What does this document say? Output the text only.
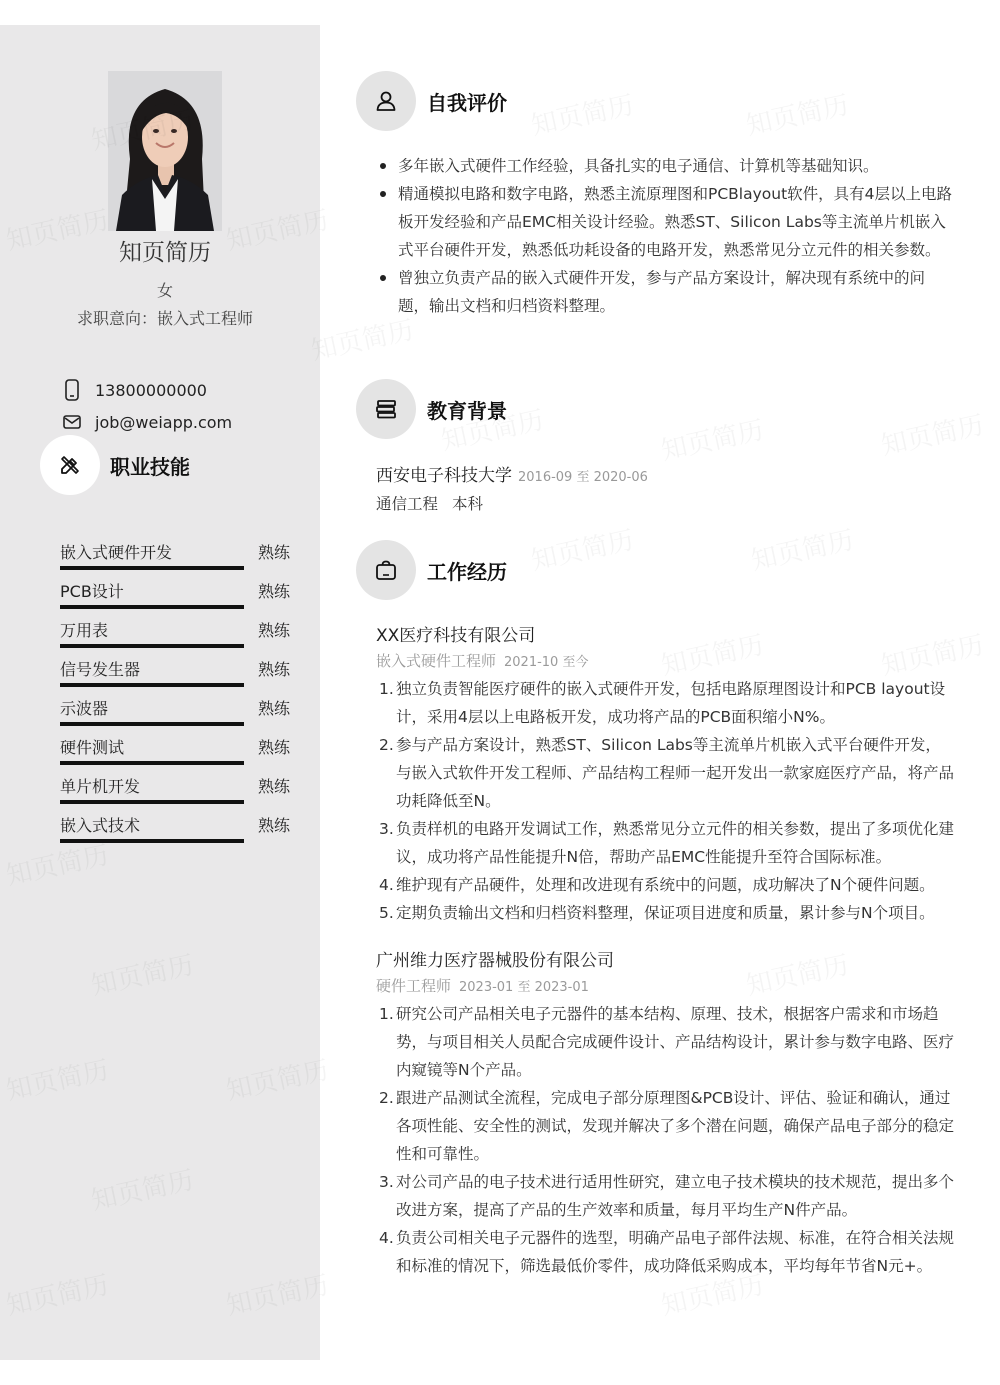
知页简历
女
求职意向：嵌入式工程师
13800000000
job@weiapp.com
职业技能
嵌入式硬件开发	熟练
PCB设计	熟练
万用表	熟练
信号发生器	熟练
示波器	熟练
硬件测试	熟练
单片机开发	熟练
嵌入式技术	熟练
自我评价
多年嵌入式硬件工作经验，具备扎实的电子通信、计算机等基础知识。
精通模拟电路和数字电路，熟悉主流原理图和PCBlayout软件，具有4层以上电路板开发经验和产品EMC相关设计经验。熟悉ST、Silicon Labs等主流单片机嵌入式平台硬件开发，熟悉低功耗设备的电路开发，熟悉常见分立元件的相关参数。
曾独立负责产品的嵌入式硬件开发，参与产品方案设计，解决现有系统中的问题，输出文档和归档资料整理。
教育背景
西安电子科技大学 2016-09 至 2020-06
通信工程 本科
工作经历
XX医疗科技有限公司
嵌入式硬件工程师 2021-10 至今
1. 独立负责智能医疗硬件的嵌入式硬件开发，包括电路原理图设计和PCB layout设计，采用4层以上电路板开发，成功将产品的PCB面积缩小N%。
2. 参与产品方案设计，熟悉ST、Silicon Labs等主流单片机嵌入式平台硬件开发，与嵌入式软件开发工程师、产品结构工程师一起开发出一款家庭医疗产品，将产品功耗降低至N。
3. 负责样机的电路开发调试工作，熟悉常见分立元件的相关参数，提出了多项优化建议，成功将产品性能提升N倍，帮助产品EMC性能提升至符合国际标准。
4. 维护现有产品硬件，处理和改进现有系统中的问题，成功解决了N个硬件问题。
5. 定期负责输出文档和归档资料整理，保证项目进度和质量，累计参与N个项目。
广州维力医疗器械股份有限公司
硬件工程师 2023-01 至 2023-01
1. 研究公司产品相关电子元器件的基本结构、原理、技术，根据客户需求和市场趋势，与项目相关人员配合完成硬件设计、产品结构设计，累计参与数字电路、医疗内窥镜等N个产品。
2. 跟进产品测试全流程，完成电子部分原理图&PCB设计、评估、验证和确认，通过各项性能、安全性的测试，发现并解决了多个潜在问题，确保产品电子部分的稳定性和可靠性。
3. 对公司产品的电子技术进行适用性研究，建立电子技术模块的技术规范，提出多个改进方案，提高了产品的生产效率和质量，每月平均生产N件产品。
4. 负责公司相关电子元器件的选型，明确产品电子部件法规、标准，在符合相关法规和标准的情况下，筛选最低价零件，成功降低采购成本，平均每年节省N元+。
